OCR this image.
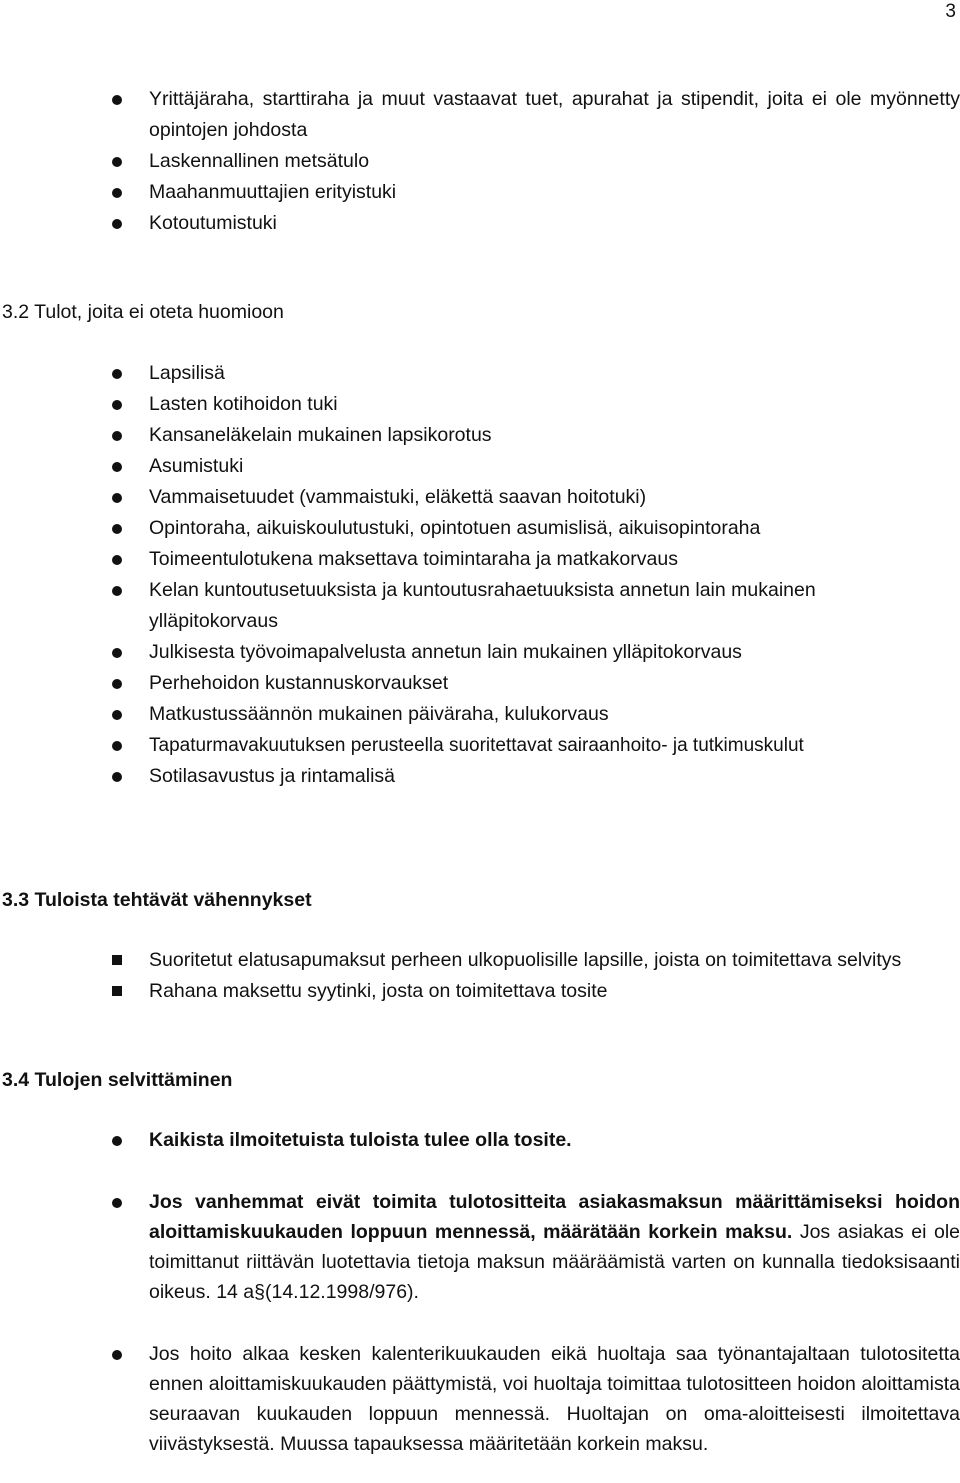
3
Yrittäjäraha, starttiraha ja muut vastaavat tuet, apurahat ja stipendit, joita ei ole myönnetty opintojen johdosta
Laskennallinen metsätulo
Maahanmuuttajien erityistuki
Kotoutumistuki
3.2 Tulot, joita ei oteta huomioon
Lapsilisä
Lasten kotihoidon tuki
Kansaneläkelain mukainen lapsikorotus
Asumistuki
Vammaisetuudet (vammaistuki, eläkettä saavan hoitotuki)
Opintoraha, aikuiskoulutustuki, opintotuen asumislisä, aikuisopintoraha
Toimeentulotukena maksettava toimintaraha ja matkakorvaus
Kelan kuntoutusetuuksista ja kuntoutusrahaetuuksista annetun lain mukainen ylläpitokorvaus
Julkisesta työvoimapalvelusta annetun lain mukainen ylläpitokorvaus
Perhehoidon kustannuskorvaukset
Matkustussäännön mukainen päiväraha, kulukorvaus
Tapaturmavakuutuksen perusteella suoritettavat sairaanhoito- ja tutkimuskulut
Sotilasavustus ja rintamalisä
3.3 Tuloista tehtävät vähennykset
Suoritetut elatusapumaksut perheen ulkopuolisille lapsille, joista on toimitettava selvitys
Rahana maksettu syytinki, josta on toimitettava tosite
3.4 Tulojen selvittäminen
Kaikista ilmoitetuista tuloista tulee olla tosite.
Jos vanhemmat eivät toimita tulotositteita asiakasmaksun määrittämiseksi hoidon aloittamiskuukauden loppuun mennessä, määrätään korkein maksu. Jos asiakas ei ole toimittanut riittävän luotettavia tietoja maksun määräämistä varten on kunnalla tiedoksisaanti oikeus. 14 a§(14.12.1998/976).
Jos hoito alkaa kesken kalenterikuukauden eikä huoltaja saa työnantajaltaan tulotositetta ennen aloittamiskuukauden päättymistä, voi huoltaja toimittaa tulotositteen hoidon aloittamista seuraavan kuukauden loppuun mennessä. Huoltajan on oma-aloitteisesti ilmoitettava viivästyksestä. Muussa tapauksessa määritetään korkein maksu.
